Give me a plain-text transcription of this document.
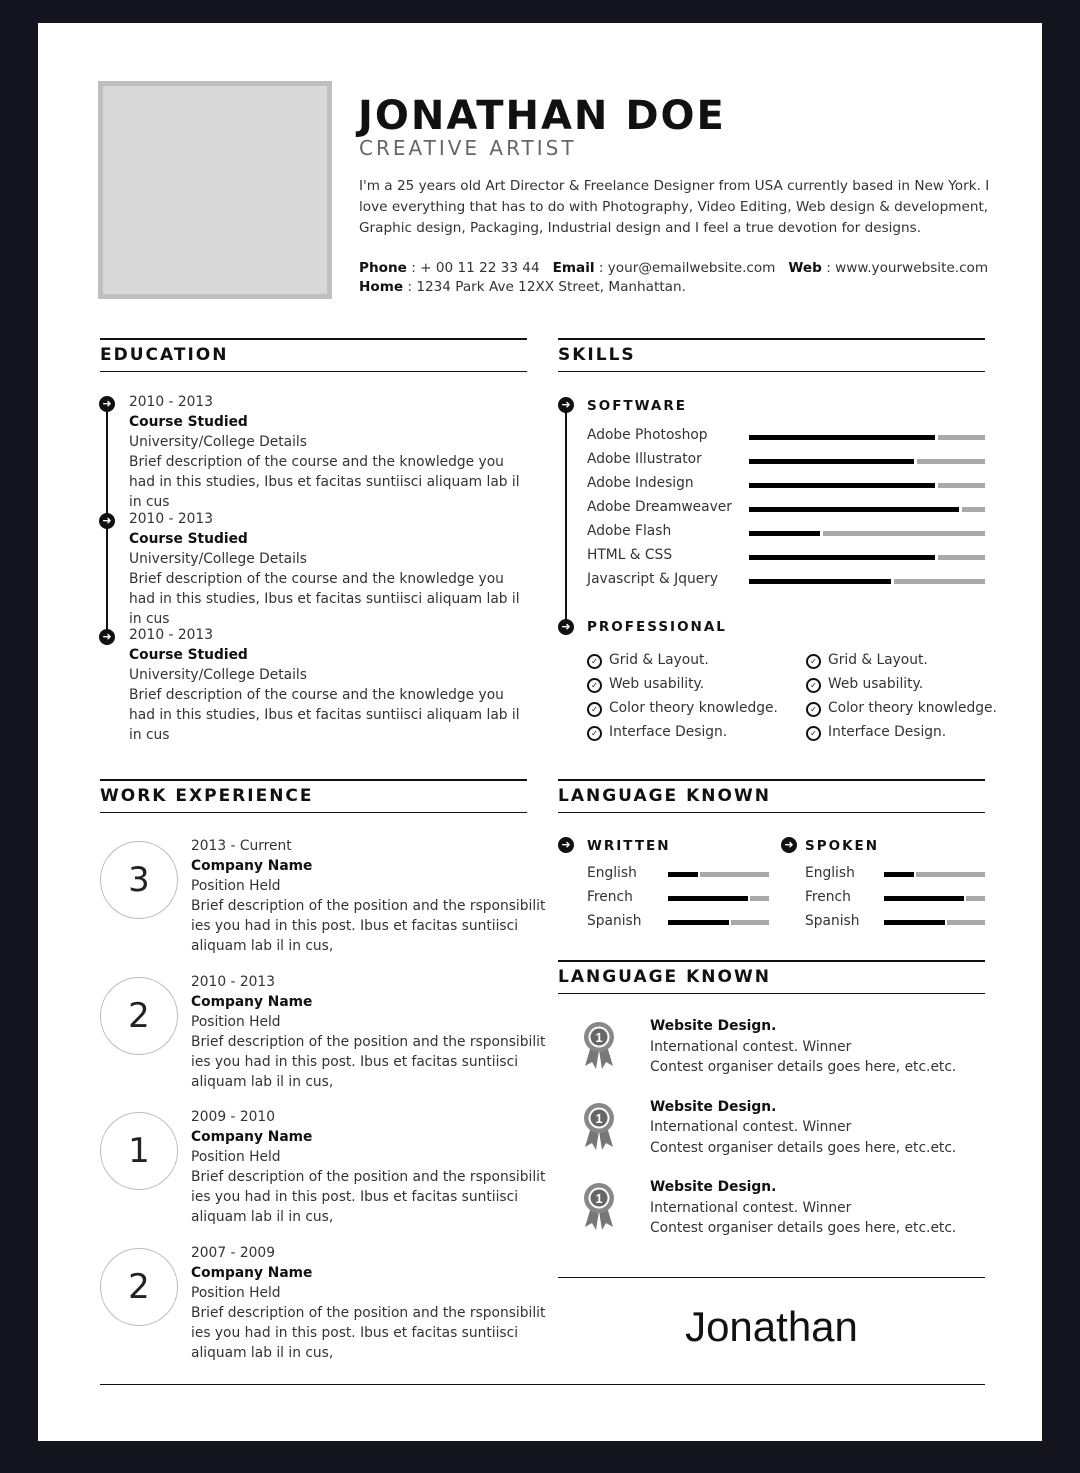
JONATHAN DOE
CREATIVE ARTIST
I'm a 25 years old Art Director & Freelance Designer from USA currently based in New York. I love everything that has to do with Photography, Video Editing, Web design & development, Graphic design, Packaging, Industrial design and I feel a true devotion for designs.
Phone : + 00 11 22 33 44 Email : your@emailwebsite.com Web : www.yourwebsite.com
Home : 1234 Park Ave 12XX Street, Manhattan.
EDUCATION
➜ 2010 - 2013
Course Studied
University/College Details
Brief description of the course and the knowledge you had in this studies, Ibus et facitas suntiisci aliquam lab il in cus
➜ 2010 - 2013
Course Studied
University/College Details
Brief description of the course and the knowledge you had in this studies, Ibus et facitas suntiisci aliquam lab il in cus
➜ 2010 - 2013
Course Studied
University/College Details
Brief description of the course and the knowledge you had in this studies, Ibus et facitas suntiisci aliquam lab il in cus
SKILLS
➜ SOFTWARE
Adobe Photoshop
Adobe Illustrator
Adobe Indesign
Adobe Dreamweaver
Adobe Flash
HTML & CSS
Javascript & Jquery
➜ PROFESSIONAL
✓ Grid & Layout.
✓ Web usability.
✓ Color theory knowledge.
✓ Interface Design.
✓ Grid & Layout.
✓ Web usability.
✓ Color theory knowledge.
✓ Interface Design.
WORK EXPERIENCE
3
2013 - Current
Company Name
Position Held
Brief description of the position and the rsponsibilit
ies you had in this post. Ibus et facitas suntiisci
aliquam lab il in cus,
2
2010 - 2013
Company Name
Position Held
Brief description of the position and the rsponsibilit
ies you had in this post. Ibus et facitas suntiisci
aliquam lab il in cus,
1
2009 - 2010
Company Name
Position Held
Brief description of the position and the rsponsibilit
ies you had in this post. Ibus et facitas suntiisci
aliquam lab il in cus,
2
2007 - 2009
Company Name
Position Held
Brief description of the position and the rsponsibilit
ies you had in this post. Ibus et facitas suntiisci
aliquam lab il in cus,
LANGUAGE KNOWN
➜ WRITTEN	➜ SPOKEN
English
French
Spanish
English
French
Spanish
LANGUAGE KNOWN
1
Website Design.
International contest. Winner
Contest organiser details goes here, etc.etc.
1
Website Design.
International contest. Winner
Contest organiser details goes here, etc.etc.
1
Website Design.
International contest. Winner
Contest organiser details goes here, etc.etc.
Jonathan
